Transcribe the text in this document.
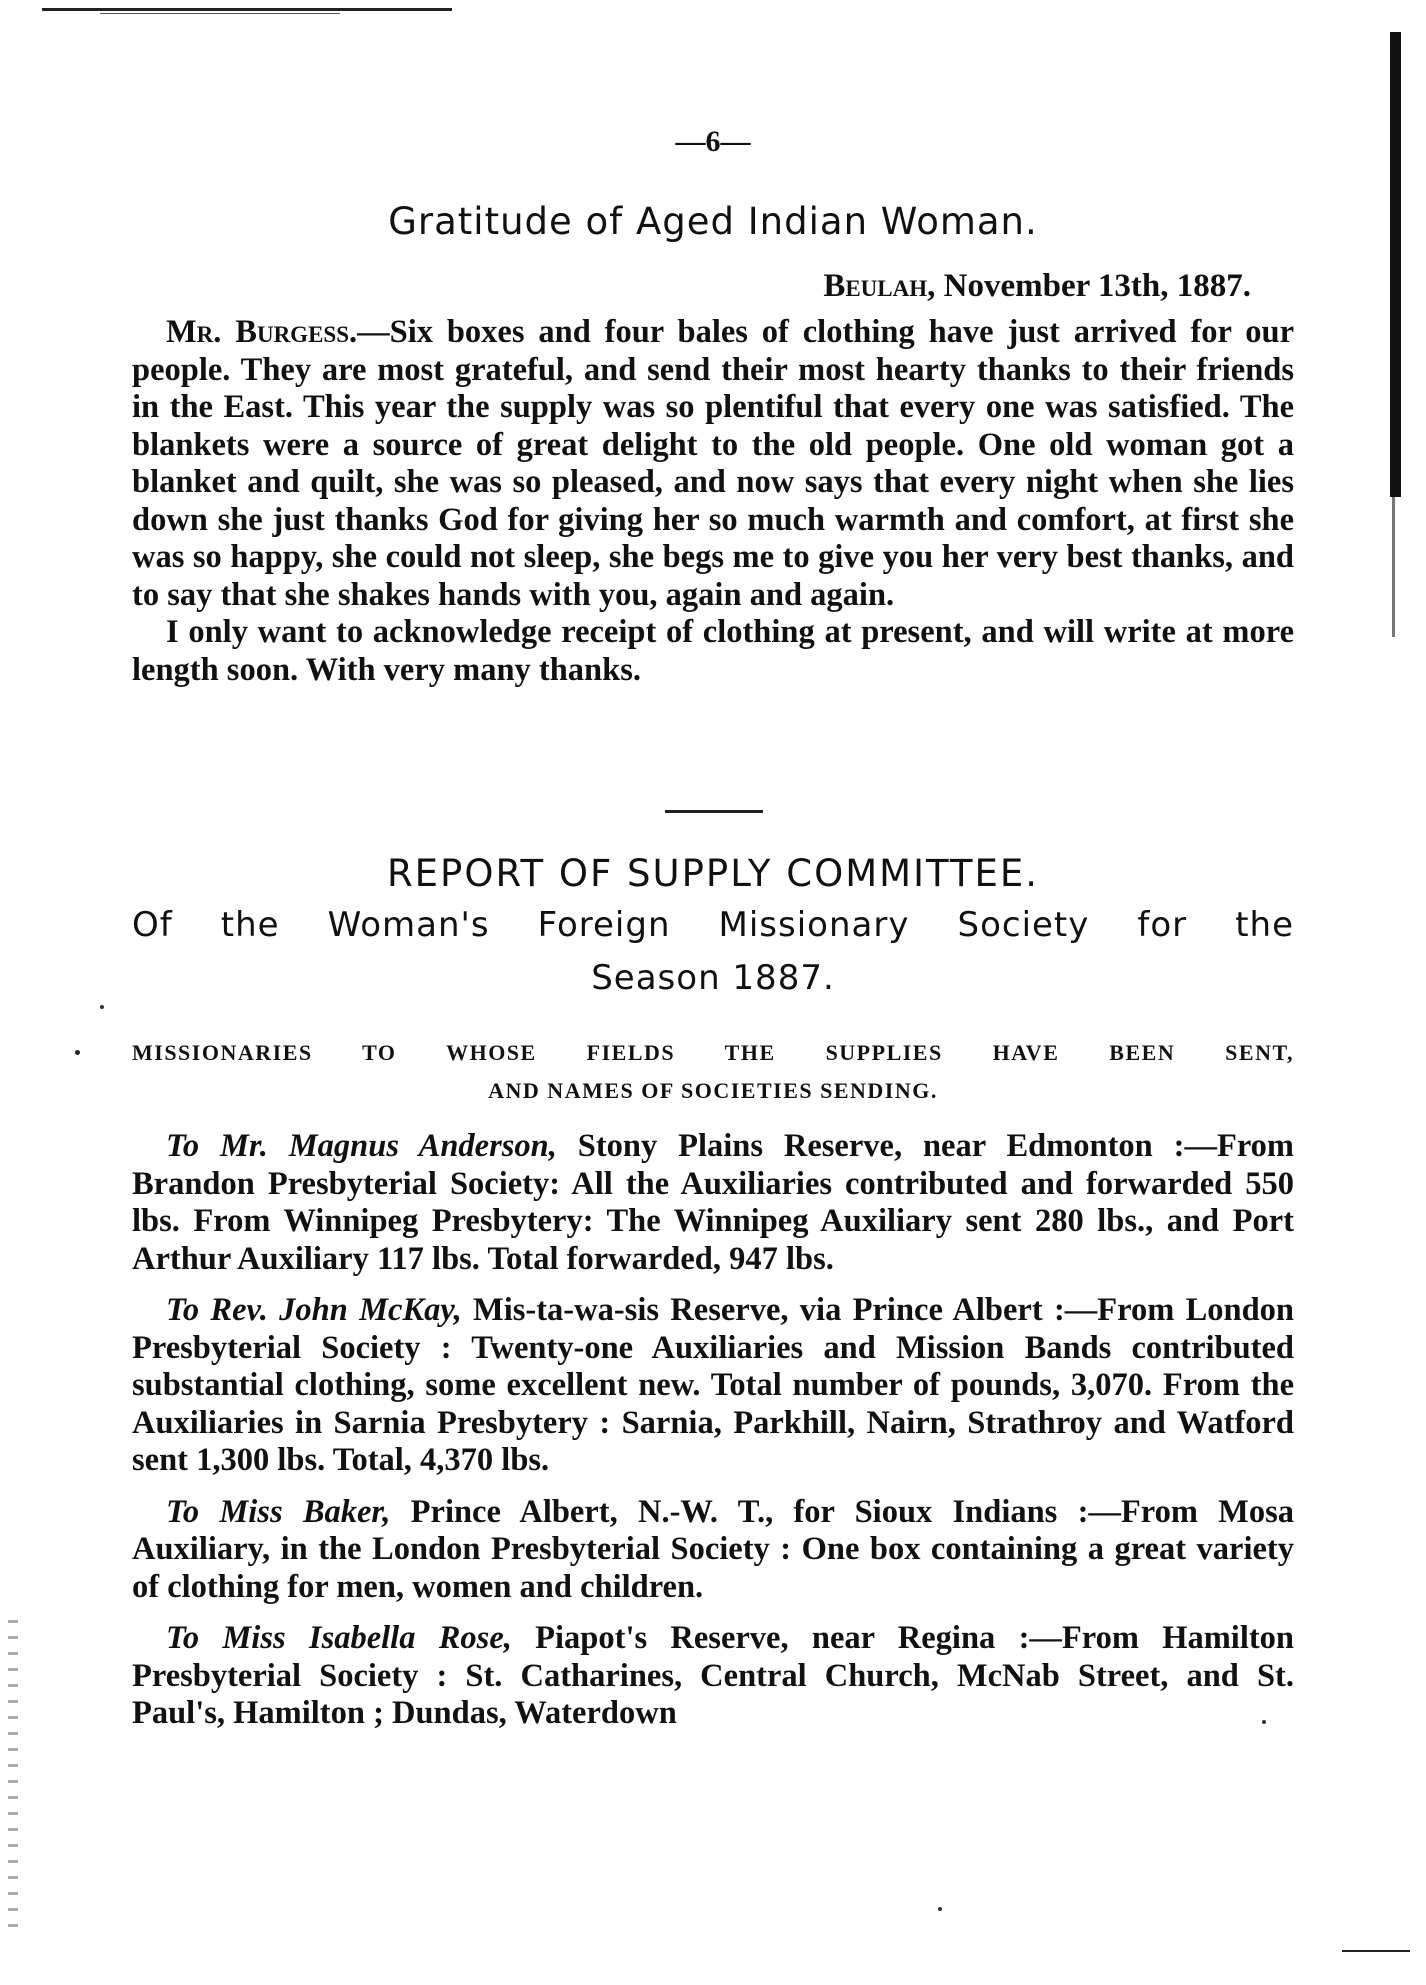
—6—
Gratitude of Aged Indian Woman.
Beulah, November 13th, 1887.

Mr. Burgess.—Six boxes and four bales of clothing have just arrived for our people. They are most grateful, and send their most hearty thanks to their friends in the East. This year the supply was so plentiful that every one was satisfied. The blankets were a source of great delight to the old people. One old woman got a blanket and quilt, she was so pleased, and now says that every night when she lies down she just thanks God for giving her so much warmth and comfort, at first she was so happy, she could not sleep, she begs me to give you her very best thanks, and to say that she shakes hands with you, again and again.

I only want to acknowledge receipt of clothing at present, and will write at more length soon. With very many thanks.

REPORT OF SUPPLY COMMITTEE.
Of the Woman's Foreign Missionary Society for the
Season 1887.
MISSIONARIES TO WHOSE FIELDS THE SUPPLIES HAVE BEEN SENT,
AND NAMES OF SOCIETIES SENDING.

To Mr. Magnus Anderson, Stony Plains Reserve, near Edmonton :—From Brandon Presbyterial Society: All the Auxiliaries contributed and forwarded 550 lbs. From Winnipeg Presbytery: The Winnipeg Auxiliary sent 280 lbs., and Port Arthur Auxiliary 117 lbs. Total forwarded, 947 lbs.

To Rev. John McKay, Mis-ta-wa-sis Reserve, via Prince Albert :—From London Presbyterial Society : Twenty-one Auxiliaries and Mission Bands contributed substantial clothing, some excellent new. Total number of pounds, 3,070. From the Auxiliaries in Sarnia Presbytery : Sarnia, Parkhill, Nairn, Strathroy and Watford sent 1,300 lbs. Total, 4,370 lbs.

To Miss Baker, Prince Albert, N.-W. T., for Sioux Indians :—From Mosa Auxiliary, in the London Presbyterial Society : One box containing a great variety of clothing for men, women and children.

To Miss Isabella Rose, Piapot's Reserve, near Regina :—From Hamilton Presbyterial Society : St. Catharines, Central Church, McNab Street, and St. Paul's, Hamilton ; Dundas, Waterdown
